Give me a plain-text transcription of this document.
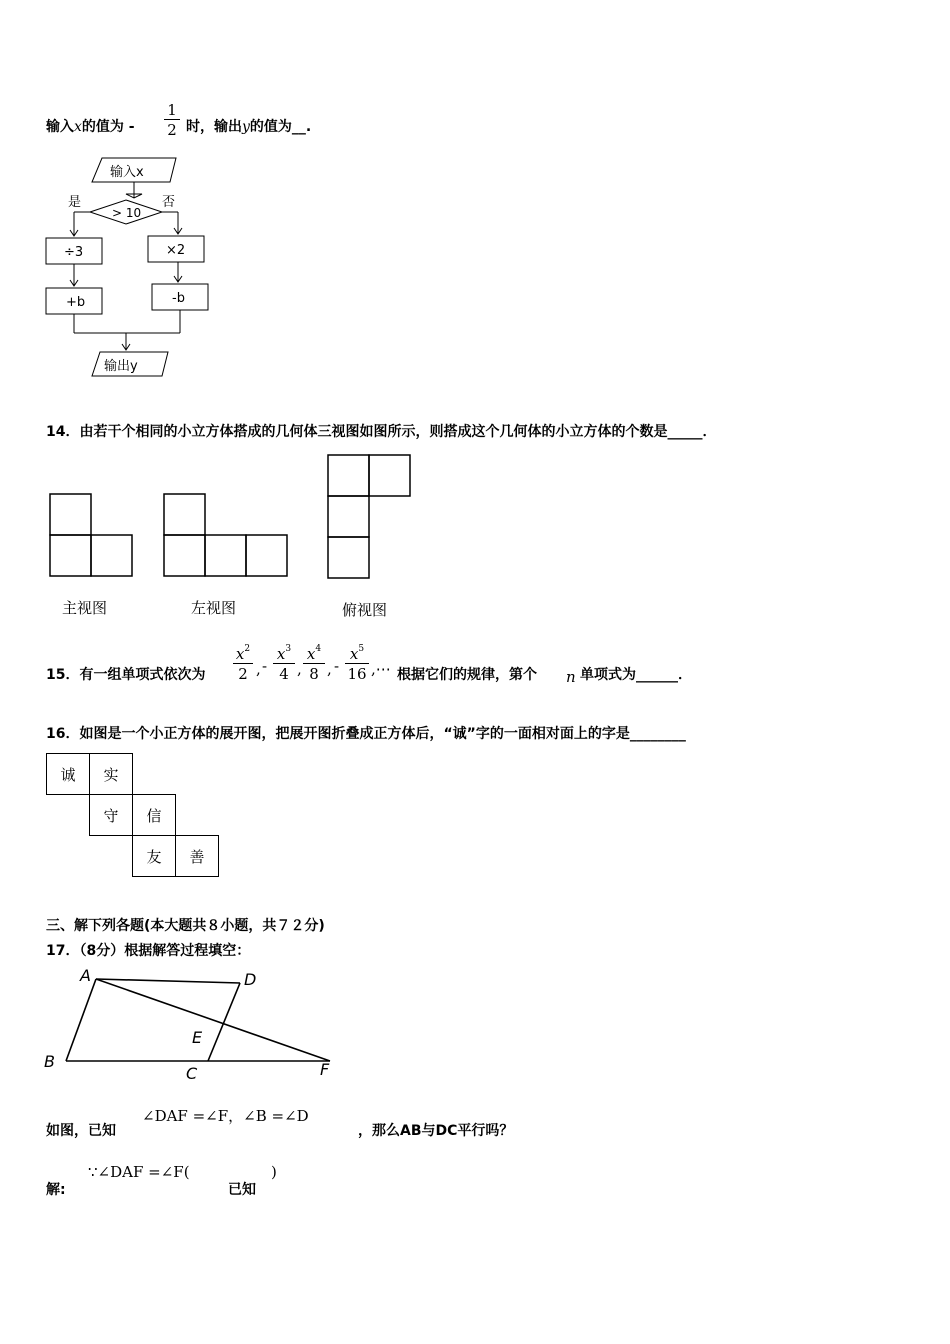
输入x的值为 -
1
2 时，输出y的值为__.
输入x
> 10
是	否
÷3	×2
+b	-b
输出y
14．由若干个相同的小立方体搭成的几何体三视图如图所示，则搭成这个几何体的小立方体的个数是_____．
主视图	左视图	俯视图
15．有一组单项式依次为
$x^2$
2 , -
$x^3$
4 ,
$x^4$
8 , -
$x^5$
16 ,⋯ 根据它们的规律，第个 n 单项式为______．
16．如图是一个小正方体的展开图，把展开图折叠成正方体后，“诚”字的一面相对面上的字是________
诚	实		
	守	信	
		友	善
三、解下列各题(本大题共８小题，共７２分)
17．（8分）根据解答过程填空：
A	D
E
B
C	F
如图，已知
∠DAF =∠F，∠B =∠D
，那么AB与DC平行吗？
解:
∵∠DAF =∠F(
已知
)
